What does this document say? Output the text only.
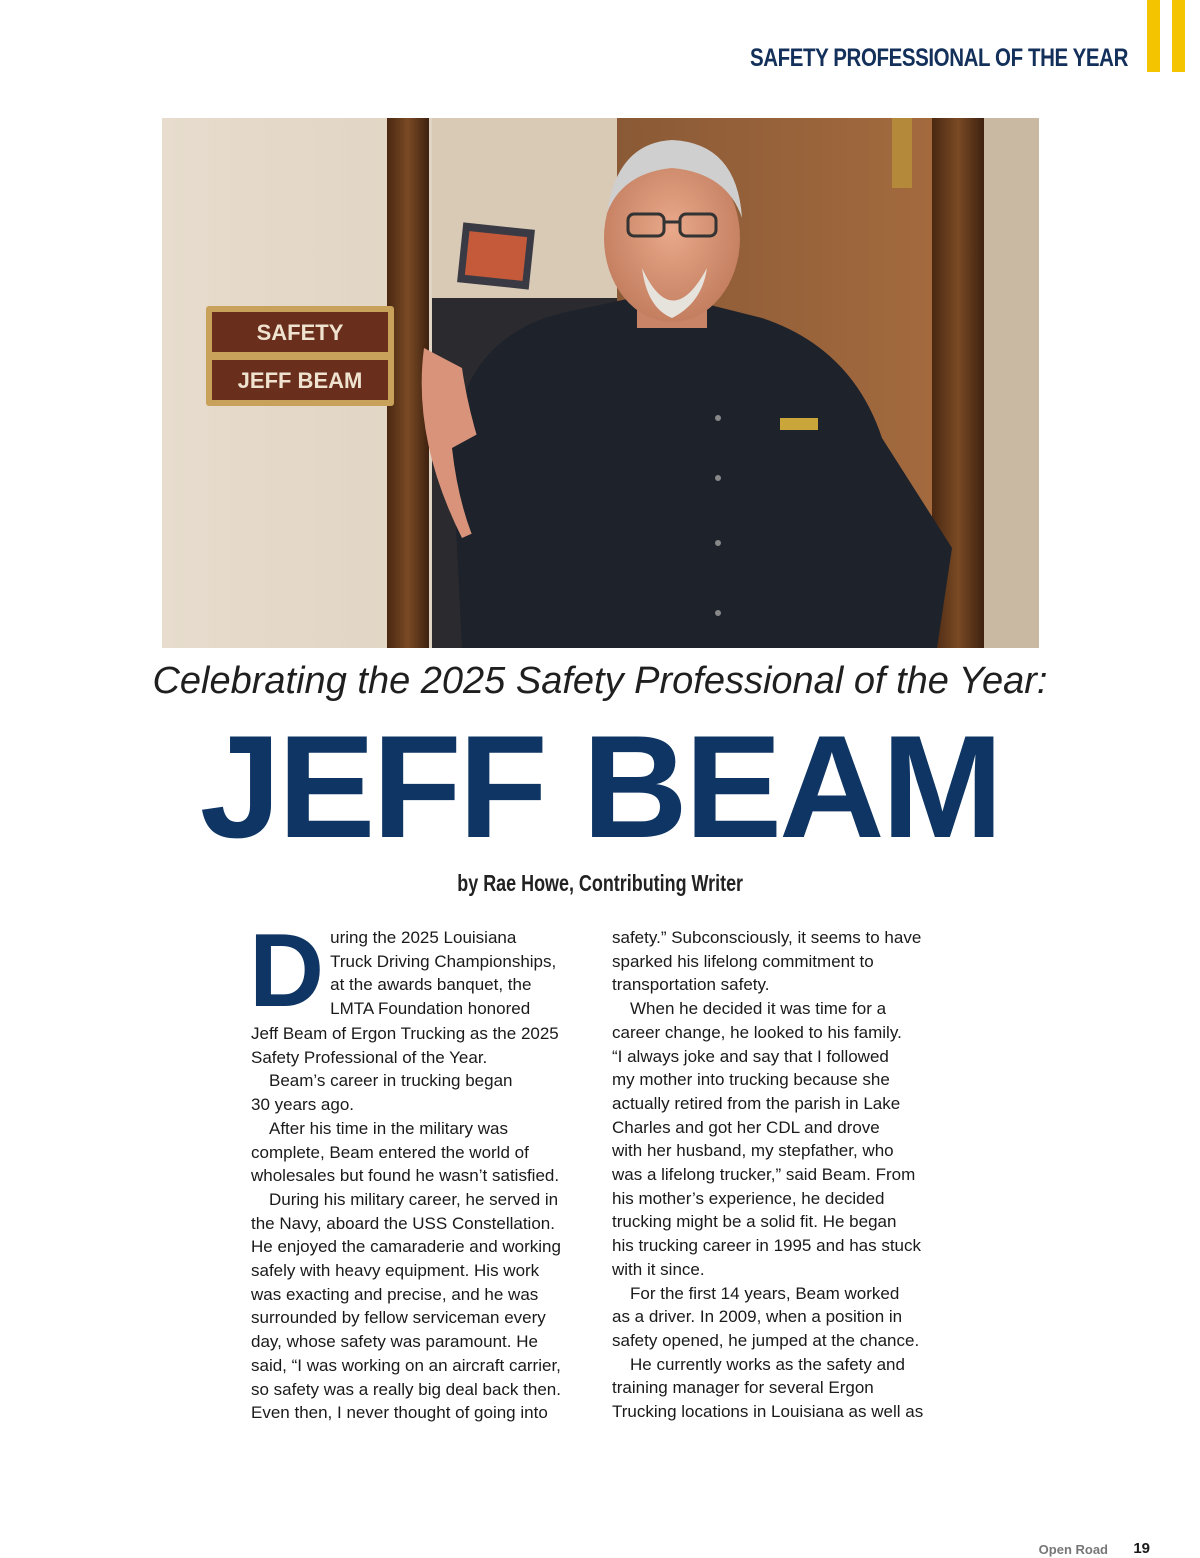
SAFETY PROFESSIONAL OF THE YEAR
SAFETY
JEFF BEAM
Celebrating the 2025 Safety Professional of the Year:
JEFF BEAM
by Rae Howe, Contributing Writer
D uring the 2025 Louisiana

Truck Driving Championships,

at the awards banquet, the

LMTA Foundation honored

Jeff Beam of Ergon Trucking as the 2025

Safety Professional of the Year.

Beam’s career in trucking began

30 years ago.

After his time in the military was

complete, Beam entered the world of

wholesales but found he wasn’t satisfied.

During his military career, he served in

the Navy, aboard the USS Constellation.

He enjoyed the camaraderie and working

safely with heavy equipment. His work

was exacting and precise, and he was

surrounded by fellow serviceman every

day, whose safety was paramount. He

said, “I was working on an aircraft carrier,

so safety was a really big deal back then.

Even then, I never thought of going into

safety.” Subconsciously, it seems to have

sparked his lifelong commitment to

transportation safety.

When he decided it was time for a

career change, he looked to his family.

“I always joke and say that I followed

my mother into trucking because she

actually retired from the parish in Lake

Charles and got her CDL and drove

with her husband, my stepfather, who

was a lifelong trucker,” said Beam. From

his mother’s experience, he decided

trucking might be a solid fit. He began

his trucking career in 1995 and has stuck

with it since.

For the first 14 years, Beam worked

as a driver. In 2009, when a position in

safety opened, he jumped at the chance.

He currently works as the safety and

training manager for several Ergon

Trucking locations in Louisiana as well as

Open Road 19
